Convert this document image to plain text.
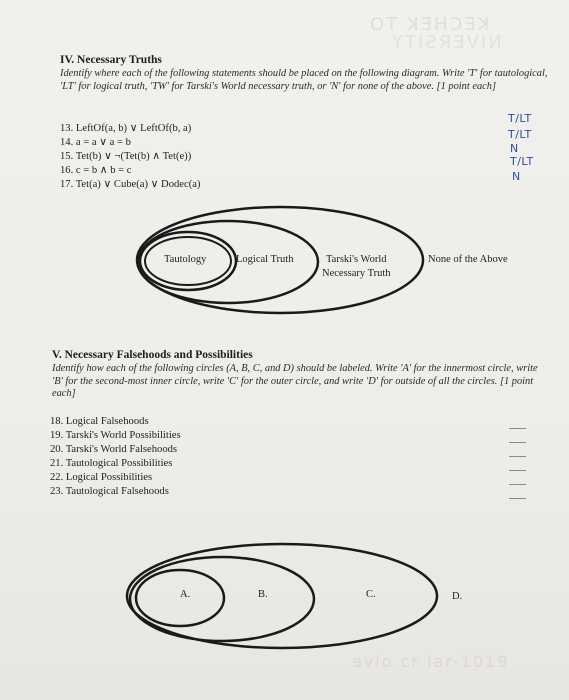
OT ꓘƎHϽƎꓘ
YTIƧЯƎVIИ
IV. Necessary Truths
Identify where each of the following statements should be placed on the following diagram. Write 'T' for tautological, 'LT' for logical truth, 'TW' for Tarski's World necessary truth, or 'N' for none of the above. [1 point each]
13. LeftOf(a, b) ∨ LeftOf(b, a)
14. a = a ∨ a = b
15. Tet(b) ∨ ¬(Tet(b) ∧ Tet(e))
16. c = b ∧ b = c
17. Tet(a) ∨ Cube(a) ∨ Dodec(a)
T/LT
T/LT
N
T/LT
N
Tautology	Logical Truth	Tarski's World
Necessary Truth
None of the Above
V. Necessary Falsehoods and Possibilities
Identify how each of the following circles (A, B, C, and D) should be labeled. Write 'A' for the innermost circle, write 'B' for the second-most inner circle, write 'C' for the outer circle, and write 'D' for outside of all the circles. [1 point each]
18. Logical Falsehoods
19. Tarski's World Possibilities
20. Tarski's World Falsehoods
21. Tautological Possibilities
22. Logical Possibilities
23. Tautological Falsehoods
A.	B.	C.	D.
ɘvlo cr lar-1019
